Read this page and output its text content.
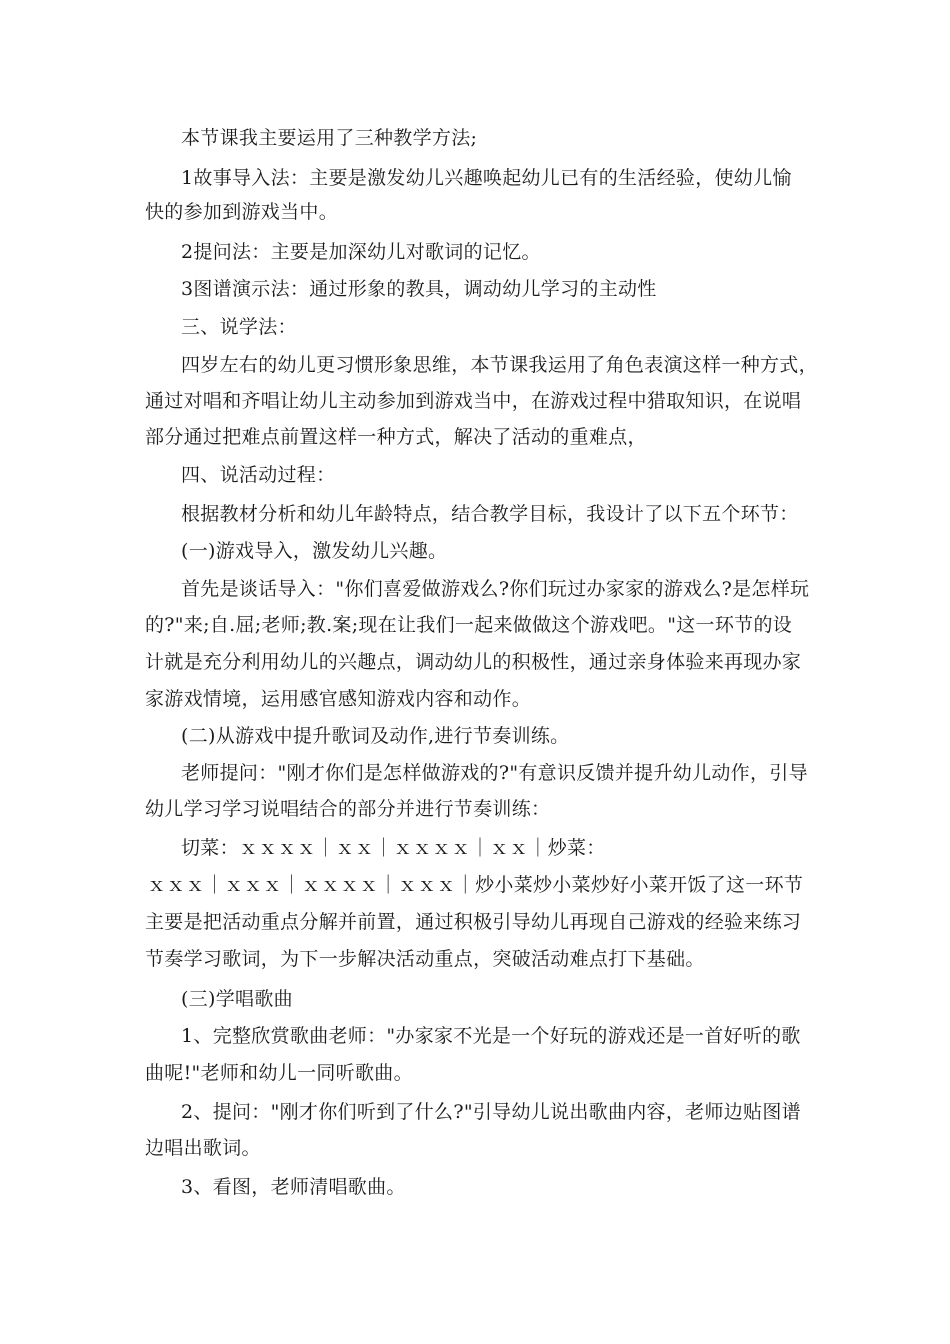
本节课我主要运用了三种教学方法;
1故事导入法：主要是激发幼儿兴趣唤起幼儿已有的生活经验，使幼儿愉
快的参加到游戏当中。
2提问法：主要是加深幼儿对歌词的记忆。
3图谱演示法：通过形象的教具，调动幼儿学习的主动性
三、说学法：
四岁左右的幼儿更习惯形象思维，本节课我运用了角色表演这样一种方式，
通过对唱和齐唱让幼儿主动参加到游戏当中，在游戏过程中猎取知识，在说唱
部分通过把难点前置这样一种方式，解决了活动的重难点，
四、说活动过程：
根据教材分析和幼儿年龄特点，结合教学目标，我设计了以下五个环节：
(一)游戏导入，激发幼儿兴趣。
首先是谈话导入："你们喜爱做游戏么?你们玩过办家家的游戏么?是怎样玩
的?"来;自.屈;老师;教.案;现在让我们一起来做做这个游戏吧。"这一环节的设
计就是充分利用幼儿的兴趣点，调动幼儿的积极性，通过亲身体验来再现办家
家游戏情境，运用感官感知游戏内容和动作。
(二)从游戏中提升歌词及动作,进行节奏训练。
老师提问："刚才你们是怎样做游戏的?"有意识反馈并提升幼儿动作，引导
幼儿学习学习说唱结合的部分并进行节奏训练：
切菜：ｘｘｘｘ｜ｘｘ｜ｘｘｘｘ｜ｘｘ｜炒菜：
ｘｘｘ｜ｘｘｘ｜ｘｘｘｘ｜ｘｘｘ｜炒小菜炒小菜炒好小菜开饭了这一环节
主要是把活动重点分解并前置，通过积极引导幼儿再现自己游戏的经验来练习
节奏学习歌词，为下一步解决活动重点，突破活动难点打下基础。
(三)学唱歌曲
1、完整欣赏歌曲老师："办家家不光是一个好玩的游戏还是一首好听的歌
曲呢!"老师和幼儿一同听歌曲。
2、提问："刚才你们听到了什么?"引导幼儿说出歌曲内容，老师边贴图谱
边唱出歌词。
3、看图，老师清唱歌曲。
